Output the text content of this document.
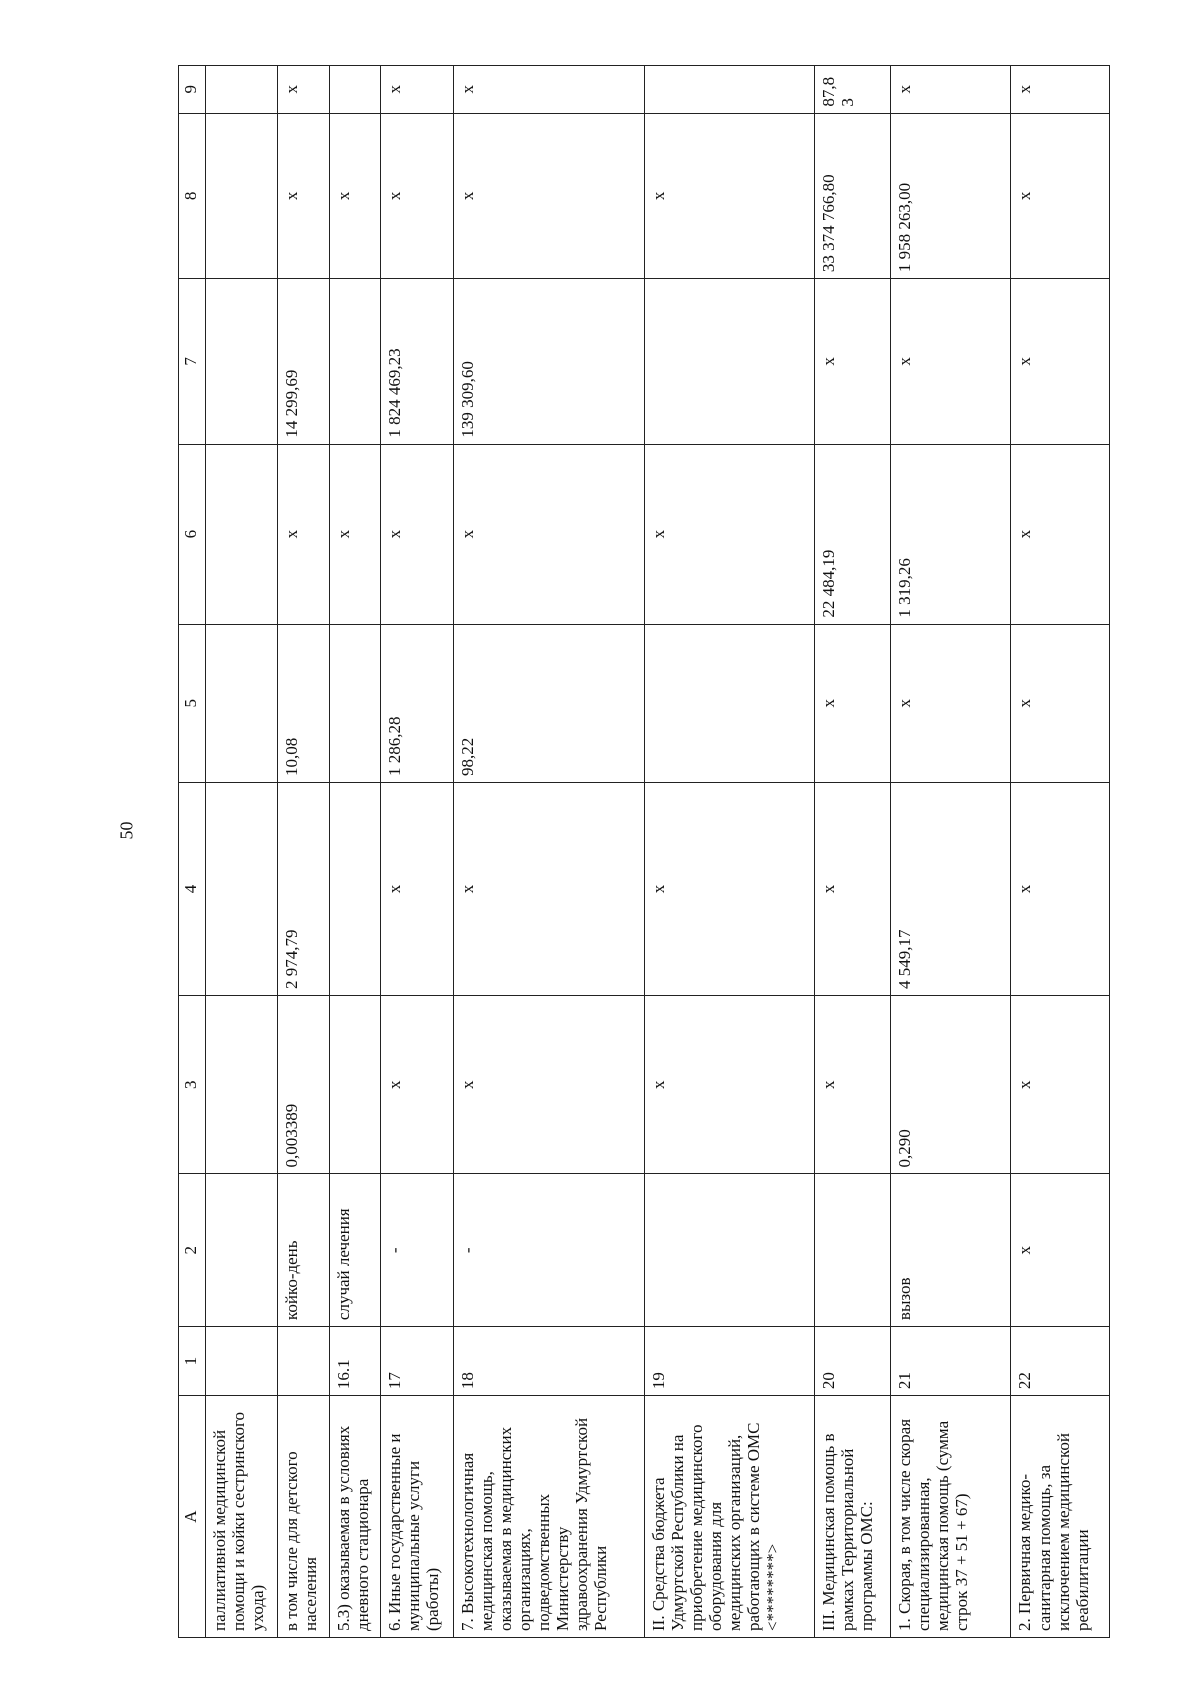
50
A	1	2	3	4	5	6	7	8	9
паллиативной медицинской помощи и койки сестринского ухода)									
в том числе для детского населения		койко-день	0,003389	2 974,79	10,08	x	14 299,69	x	x
5.3) оказываемая в условиях дневного стационара	16.1	случай лечения				x		x	
6. Иные государственные и муниципальные услуги (работы)	17	-	x	x	1 286,28	x	1 824 469,23	x	x
7. Высокотехнологичная медицинская помощь, оказываемая в медицинских организациях, подведомственных Министерству здравоохранения Удмуртской Республики	18	-	x	x	98,22	x	139 309,60	x	x
II. Средства бюджета Удмуртской Республики на приобретение медицинского оборудования для медицинских организаций, работающих в системе ОМС <********>	19		x	x		x		x	
III. Медицинская помощь в рамках Территориальной программы ОМС:	20		x	x	x	22 484,19	x	33 374 766,80	87,83
1. Скорая, в том числе скорая специализированная, медицинская помощь (сумма строк 37 + 51 + 67)	21	вызов	0,290	4 549,17	x	1 319,26	x	1 958 263,00	x
2. Первичная медико-санитарная помощь, за исключением медицинской реабилитации	22	x	x	x	x	x	x	x	x
